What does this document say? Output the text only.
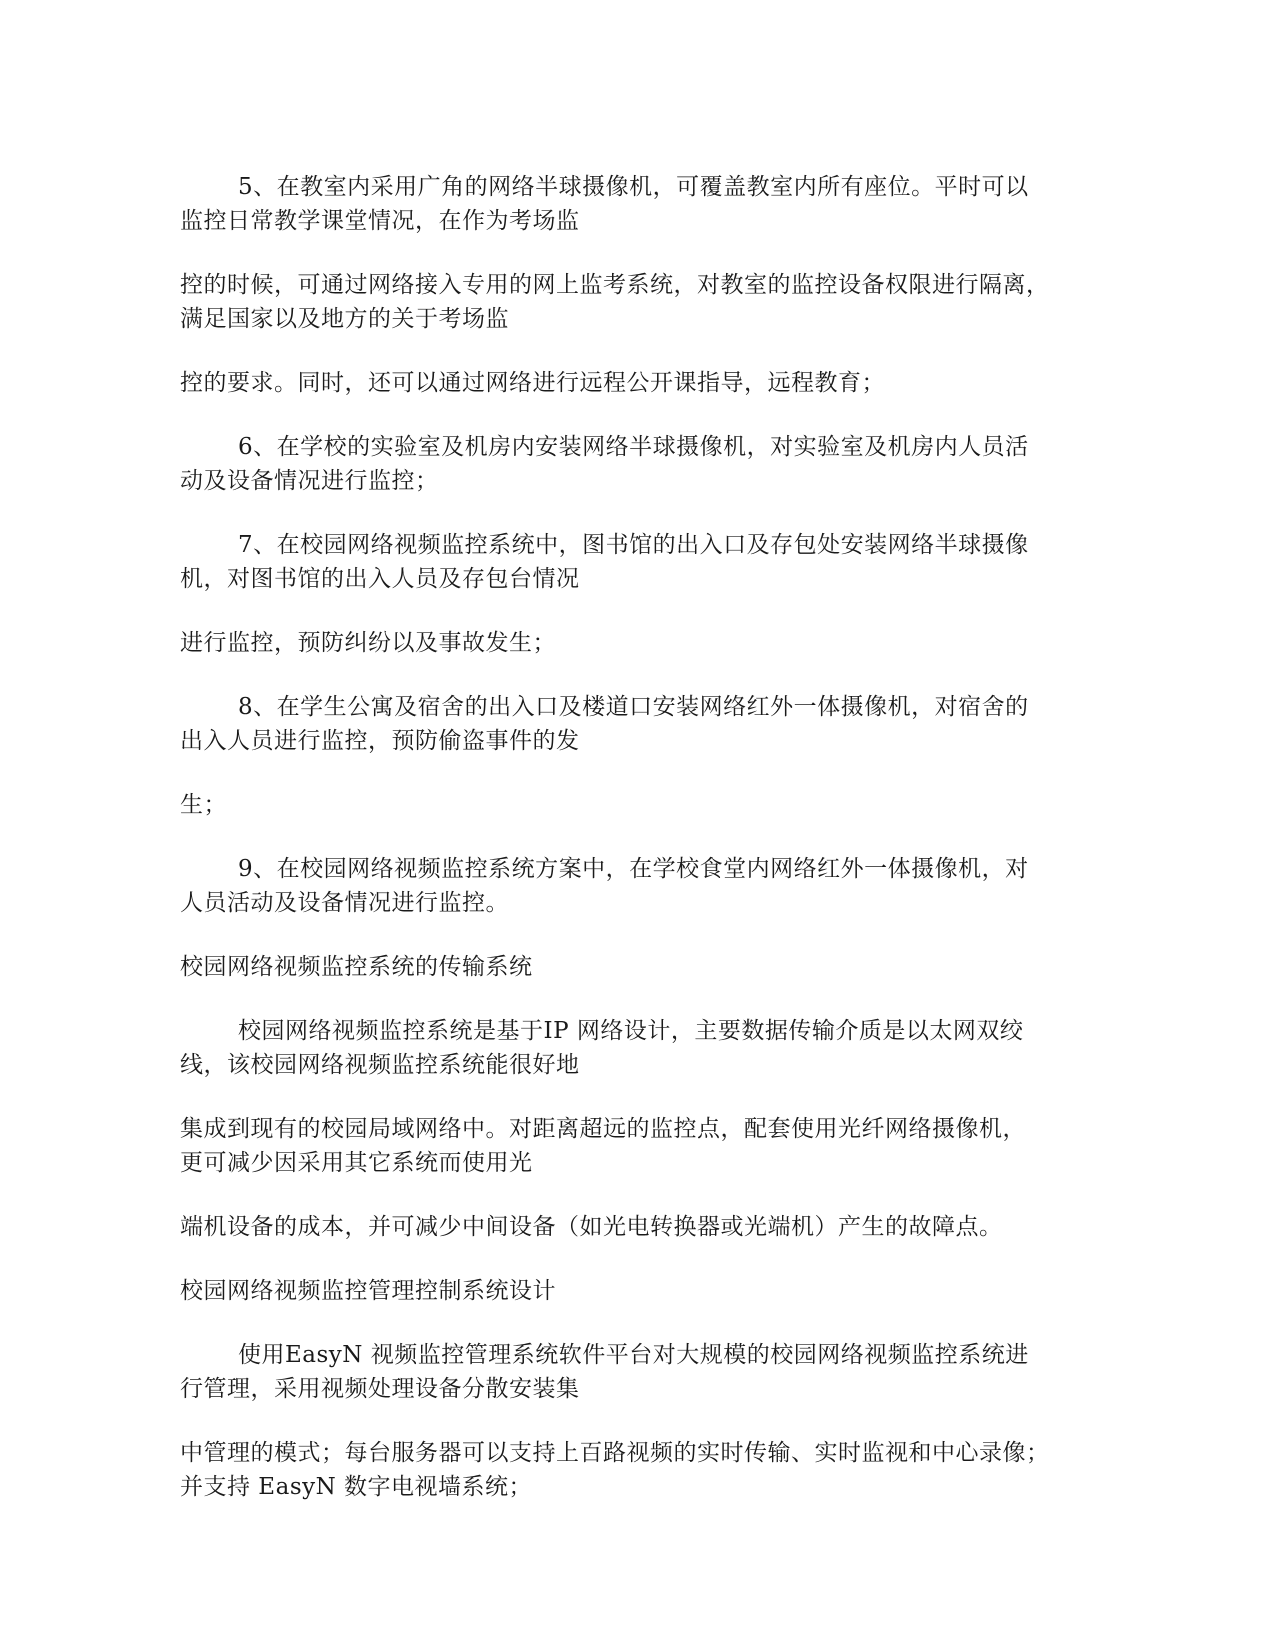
5、在教室内采用广角的网络半球摄像机，可覆盖教室内所有座位。平时可以
监控日常教学课堂情况，在作为考场监

控的时候，可通过网络接入专用的网上监考系统，对教室的监控设备权限进行隔离，
满足国家以及地方的关于考场监

控的要求。同时，还可以通过网络进行远程公开课指导，远程教育；

6、在学校的实验室及机房内安装网络半球摄像机，对实验室及机房内人员活
动及设备情况进行监控；

7、在校园网络视频监控系统中，图书馆的出入口及存包处安装网络半球摄像
机，对图书馆的出入人员及存包台情况

进行监控，预防纠纷以及事故发生；

8、在学生公寓及宿舍的出入口及楼道口安装网络红外一体摄像机，对宿舍的
出入人员进行监控，预防偷盗事件的发

生；

9、在校园网络视频监控系统方案中，在学校食堂内网络红外一体摄像机，对
人员活动及设备情况进行监控。

校园网络视频监控系统的传输系统

校园网络视频监控系统是基于IP 网络设计，主要数据传输介质是以太网双绞
线，该校园网络视频监控系统能很好地

集成到现有的校园局域网络中。对距离超远的监控点，配套使用光纤网络摄像机，
更可减少因采用其它系统而使用光

端机设备的成本，并可减少中间设备（如光电转换器或光端机）产生的故障点。

校园网络视频监控管理控制系统设计

使用EasyN 视频监控管理系统软件平台对大规模的校园网络视频监控系统进
行管理，采用视频处理设备分散安装集

中管理的模式；每台服务器可以支持上百路视频的实时传输、实时监视和中心录像；
并支持 EasyN 数字电视墙系统；
